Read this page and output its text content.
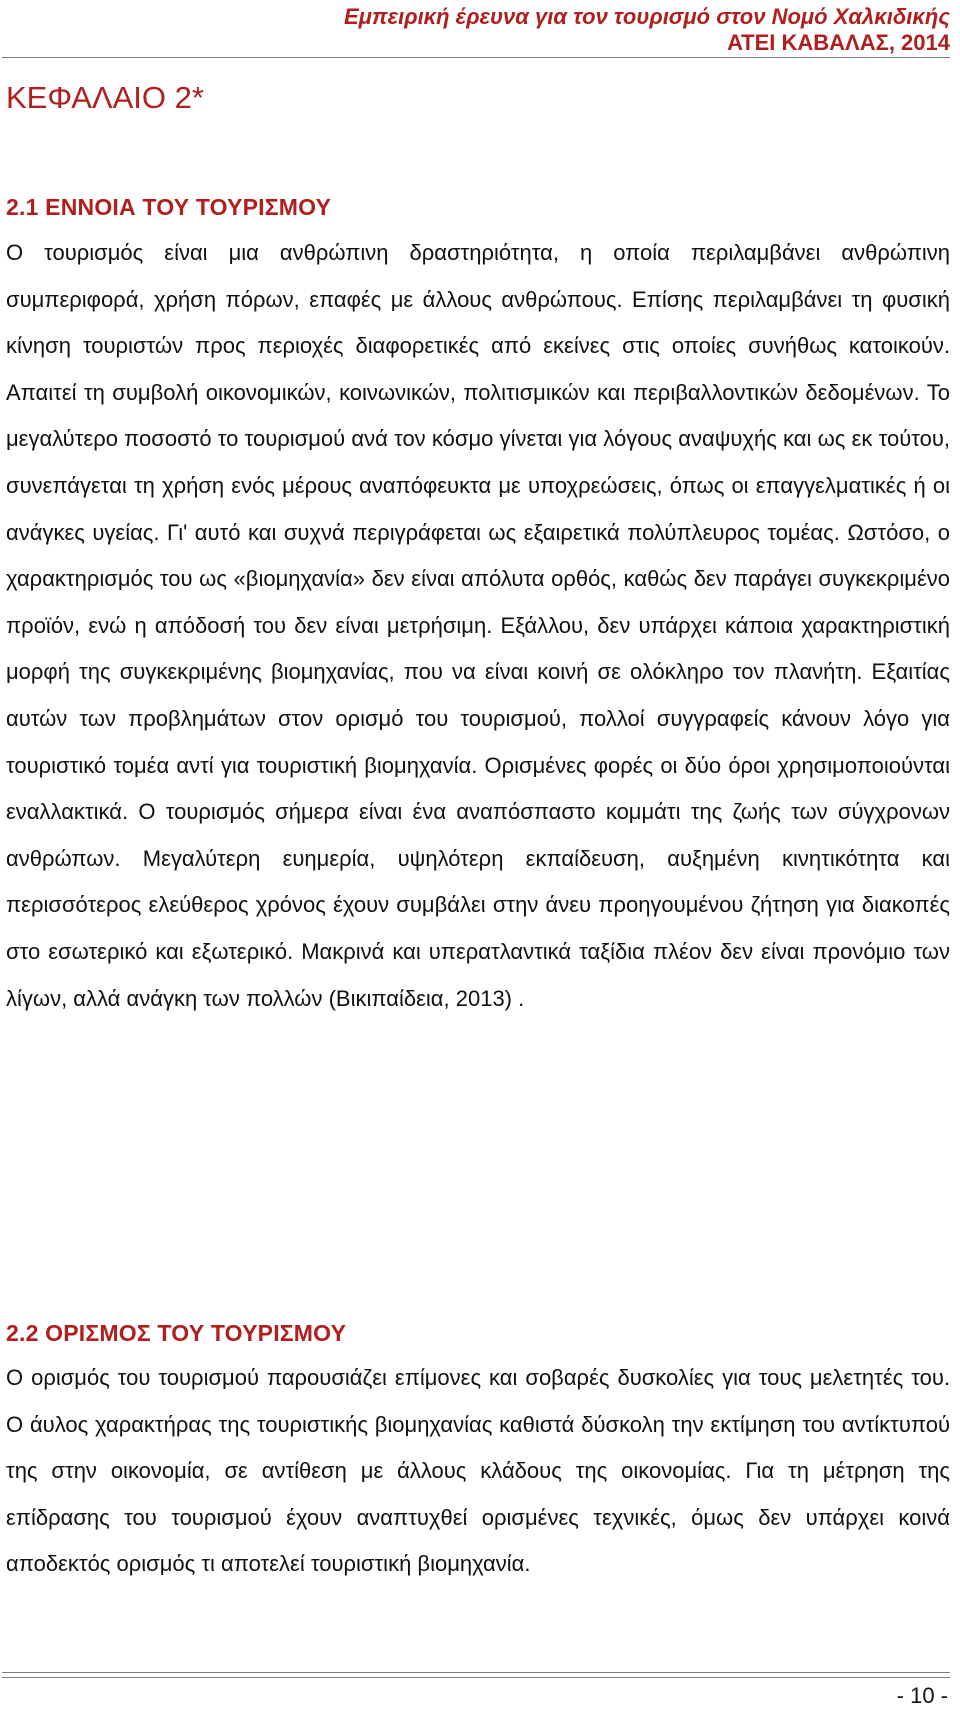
Εμπειρική έρευνα για τον τουρισμό στον Νομό Χαλκιδικής
ΑΤΕΙ ΚΑΒΑΛΑΣ, 2014
ΚΕΦΑΛΑΙΟ 2*
2.1 ΕΝΝΟΙΑ ΤΟΥ ΤΟΥΡΙΣΜΟΥ

Ο τουρισμός είναι μια ανθρώπινη δραστηριότητα, η οποία περιλαμβάνει ανθρώπινη συμπεριφορά, χρήση πόρων, επαφές με άλλους ανθρώπους. Επίσης περιλαμβάνει τη φυσική κίνηση τουριστών προς περιοχές διαφορετικές από εκείνες στις οποίες συνήθως κατοικούν. Απαιτεί τη συμβολή οικονομικών, κοινωνικών, πολιτισμικών και περιβαλλοντικών δεδομένων. Το μεγαλύτερο ποσοστό το τουρισμού ανά τον κόσμο γίνεται για λόγους αναψυχής και ως εκ τούτου, συνεπάγεται τη χρήση ενός μέρους αναπόφευκτα με υποχρεώσεις, όπως οι επαγγελματικές ή οι ανάγκες υγείας. Γι' αυτό και συχνά περιγράφεται ως εξαιρετικά πολύπλευρος τομέας. Ωστόσο, ο χαρακτηρισμός του ως «βιομηχανία» δεν είναι απόλυτα ορθός, καθώς δεν παράγει συγκεκριμένο προϊόν, ενώ η απόδοσή του δεν είναι μετρήσιμη. Εξάλλου, δεν υπάρχει κάποια χαρακτηριστική μορφή της συγκεκριμένης βιομηχανίας, που να είναι κοινή σε ολόκληρο τον πλανήτη. Εξαιτίας αυτών των προβλημάτων στον ορισμό του τουρισμού, πολλοί συγγραφείς κάνουν λόγο για τουριστικό τομέα αντί για τουριστική βιομηχανία. Ορισμένες φορές οι δύο όροι χρησιμοποιούνται εναλλακτικά. Ο τουρισμός σήμερα είναι ένα αναπόσπαστο κομμάτι της ζωής των σύγχρονων ανθρώπων. Μεγαλύτερη ευημερία, υψηλότερη εκπαίδευση, αυξημένη κινητικότητα και περισσότερος ελεύθερος χρόνος έχουν συμβάλει στην άνευ προηγουμένου ζήτηση για διακοπές στο εσωτερικό και εξωτερικό. Μακρινά και υπερατλαντικά ταξίδια πλέον δεν είναι προνόμιο των λίγων, αλλά ανάγκη των πολλών (Βικιπαίδεια, 2013) .

2.2 ΟΡΙΣΜΟΣ ΤΟΥ ΤΟΥΡΙΣΜΟΥ

Ο ορισμός του τουρισμού παρουσιάζει επίμονες και σοβαρές δυσκολίες για τους μελετητές του. Ο άυλος χαρακτήρας της τουριστικής βιομηχανίας καθιστά δύσκολη την εκτίμηση του αντίκτυπού της στην οικονομία, σε αντίθεση με άλλους κλάδους της οικονομίας. Για τη μέτρηση της επίδρασης του τουρισμού έχουν αναπτυχθεί ορισμένες τεχνικές, όμως δεν υπάρχει κοινά αποδεκτός ορισμός τι αποτελεί τουριστική βιομηχανία.

- 10 -
